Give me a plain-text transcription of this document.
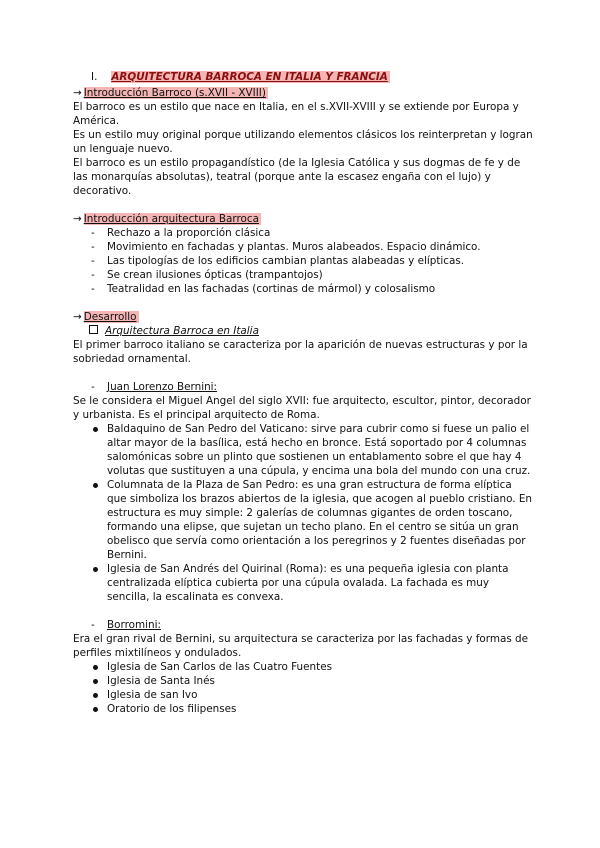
I. ARQUITECTURA BARROCA EN ITALIA Y FRANCIA
→ Introducción Barroco (s.XVII - XVIII)

El barroco es un estilo que nace en Italia, en el s.XVII-XVIII y se extiende por Europa y América.

Es un estilo muy original porque utilizando elementos clásicos los reinterpretan y logran un lenguaje nuevo.

El barroco es un estilo propagandístico (de la Iglesia Católica y sus dogmas de fe y de las monarquías absolutas), teatral (porque ante la escasez engaña con el lujo) y decorativo.

→ Introducción arquitectura Barroca
- Rechazo a la proporción clásica
- Movimiento en fachadas y plantas. Muros alabeados. Espacio dinámico.
- Las tipologías de los edificios cambian plantas alabeadas y elípticas.
- Se crean ilusiones ópticas (trampantojos)
- Teatralidad en las fachadas (cortinas de mármol) y colosalismo
→ Desarrollo
Arquitectura Barroca en Italia

El primer barroco italiano se caracteriza por la aparición de nuevas estructuras y por la sobriedad ornamental.

- Juan Lorenzo Bernini:

Se le considera el Miguel Angel del siglo XVII: fue arquitecto, escultor, pintor, decorador y urbanista. Es el principal arquitecto de Roma.

Baldaquino de San Pedro del Vaticano: sirve para cubrir como si fuese un palio el altar mayor de la basílica, está hecho en bronce. Está soportado por 4 columnas salomónicas sobre un plinto que sostienen un entablamento sobre el que hay 4 volutas que sustituyen a una cúpula, y encima una bola del mundo con una cruz.
Columnata de la Plaza de San Pedro: es una gran estructura de forma elíptica que simboliza los brazos abiertos de la iglesia, que acogen al pueblo cristiano. En estructura es muy simple: 2 galerías de columnas gigantes de orden toscano, formando una elipse, que sujetan un techo plano. En el centro se sitúa un gran obelisco que servía como orientación a los peregrinos y 2 fuentes diseñadas por Bernini.
Iglesia de San Andrés del Quirinal (Roma): es una pequeña iglesia con planta centralizada elíptica cubierta por una cúpula ovalada. La fachada es muy sencilla, la escalinata es convexa.
- Borromini:

Era el gran rival de Bernini, su arquitectura se caracteriza por las fachadas y formas de perfiles mixtilíneos y ondulados.

Iglesia de San Carlos de las Cuatro Fuentes
Iglesia de Santa Inés
Iglesia de san Ivo
Oratorio de los filipenses
